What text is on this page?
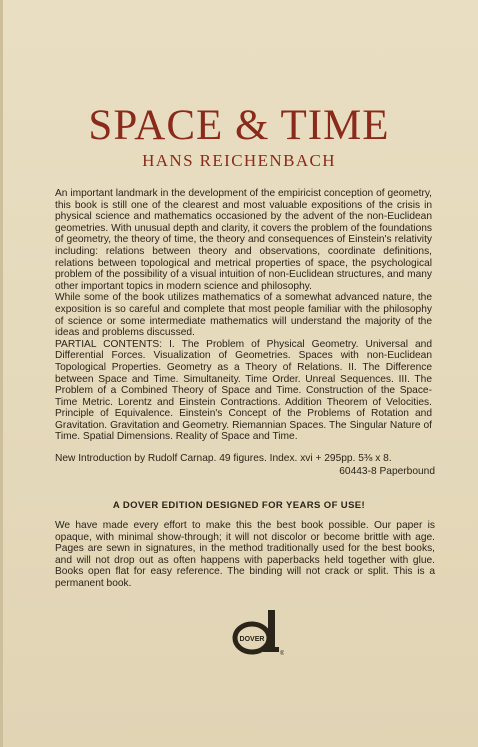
SPACE & TIME
HANS REICHENBACH

An important landmark in the development of the empiricist conception of geometry, this book is still one of the clearest and most valuable expositions of the crisis in physical science and mathematics occasioned by the advent of the non-Euclidean geometries. With unusual depth and clarity, it covers the problem of the foundations of geometry, the theory of time, the theory and consequences of Einstein's relativity including: relations between theory and observations, coordinate definitions, relations between topological and metrical properties of space, the psychological problem of the possibility of a visual intuition of non-Euclidean structures, and many other important topics in modern science and philosophy.

While some of the book utilizes mathematics of a somewhat advanced nature, the exposition is so careful and complete that most people familiar with the philosophy of science or some intermediate mathematics will understand the majority of the ideas and problems discussed.

PARTIAL CONTENTS: I. The Problem of Physical Geometry. Universal and Differential Forces. Visualization of Geometries. Spaces with non-Euclidean Topological Properties. Geometry as a Theory of Relations. II. The Difference between Space and Time. Simultaneity. Time Order. Unreal Sequences. III. The Problem of a Combined Theory of Space and Time. Construction of the Space-Time Metric. Lorentz and Einstein Contractions. Addition Theorem of Velocities. Principle of Equivalence. Einstein's Concept of the Problems of Rotation and Gravitation. Gravitation and Geometry. Riemannian Spaces. The Singular Nature of Time. Spatial Dimensions. Reality of Space and Time.

New Introduction by Rudolf Carnap. 49 figures. Index. xvi + 295pp. 5⅜ x 8.
60443-8 Paperbound
A DOVER EDITION DESIGNED FOR YEARS OF USE!
We have made every effort to make this the best book possible. Our paper is opaque, with minimal show-through; it will not discolor or become brittle with age. Pages are sewn in signatures, in the method traditionally used for the best books, and will not drop out as often happens with paperbacks held together with glue. Books open flat for easy reference. The binding will not crack or split. This is a permanent book.
DOVER
®
